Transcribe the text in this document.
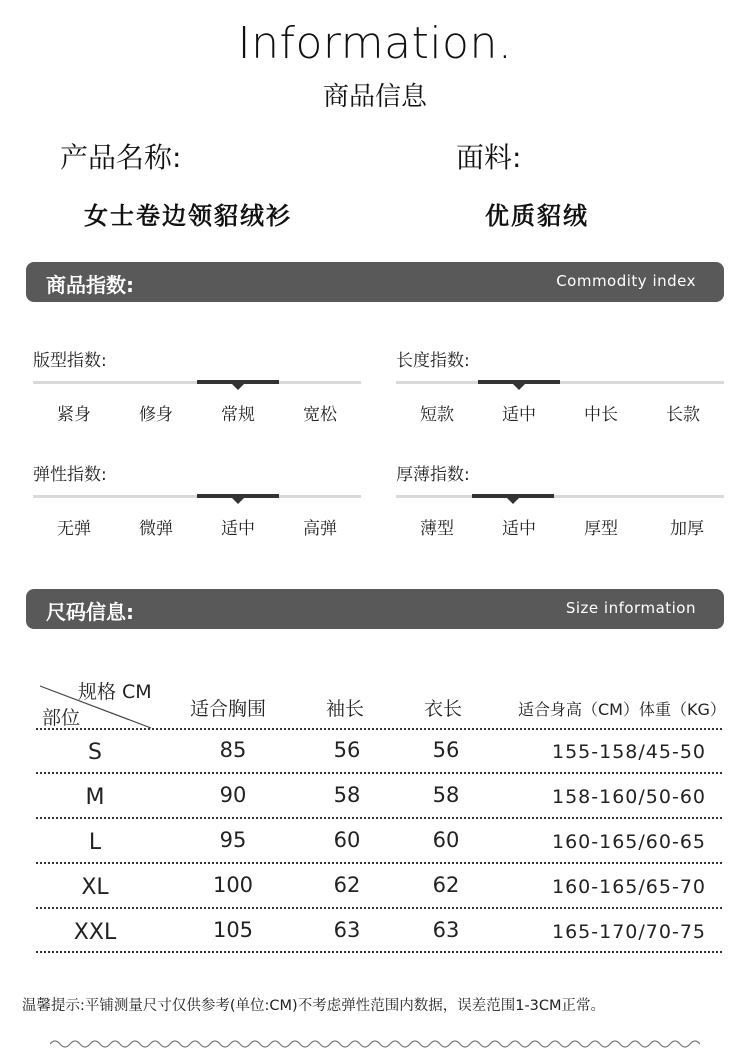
Information.
商品信息
产品名称:
女士卷边领貂绒衫
面料:
优质貂绒
商品指数:	Commodity index
版型指数:
紧身	修身	常规	宽松
长度指数:
短款	适中	中长	长款
弹性指数:
无弹	微弹	适中	高弹
厚薄指数:
薄型	适中	厚型	加厚
尺码信息:	Size information
规格 CM
部位	适合胸围	袖长	衣长	适合身高（CM）体重（KG）
S	85	56	56	155-158/45-50
M	90	58	58	158-160/50-60
L	95	60	60	160-165/60-65
XL	100	62	62	160-165/65-70
XXL	105	63	63	165-170/70-75
温馨提示:平铺测量尺寸仅供参考(单位:CM)不考虑弹性范围内数据，误差范围1-3CM正常。
